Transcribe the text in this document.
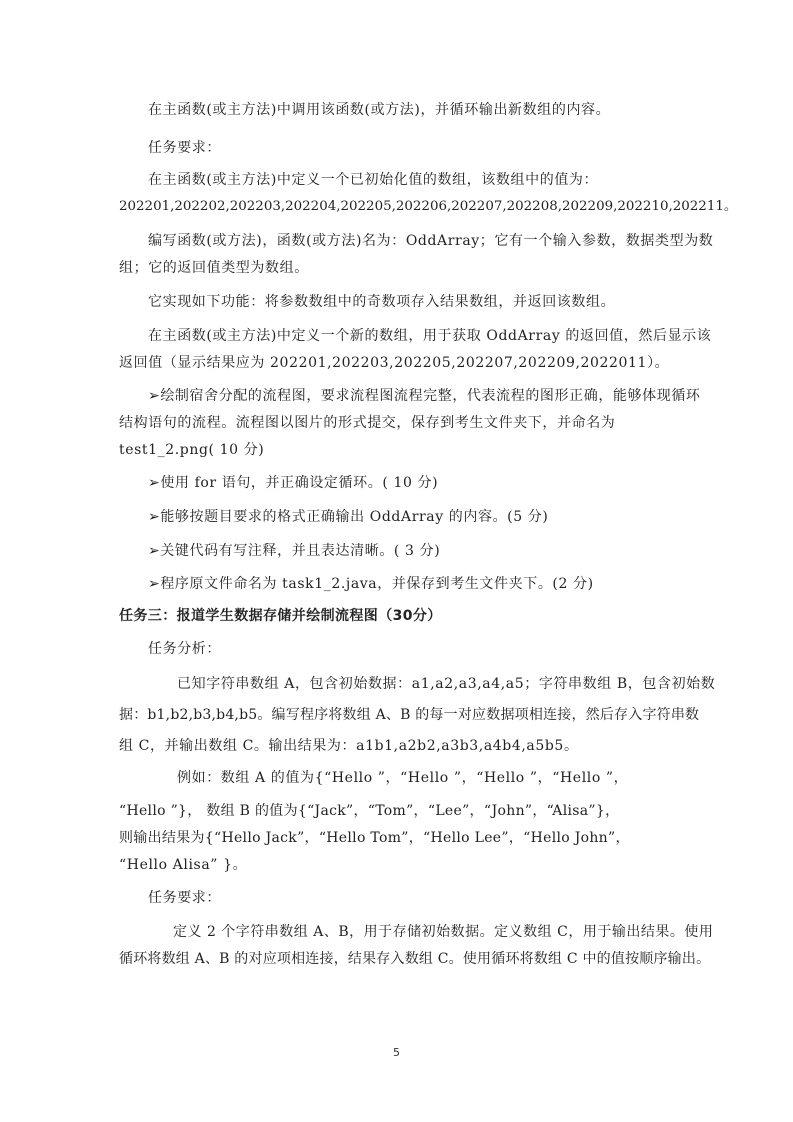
在主函数(或主方法)中调用该函数(或方法)，并循环输出新数组的内容。
任务要求：
在主函数(或主方法)中定义一个已初始化值的数组，该数组中的值为：
202201,202202,202203,202204,202205,202206,202207,202208,202209,202210,202211。
编写函数(或方法)，函数(或方法)名为：OddArray；它有一个输入参数，数据类型为数
组；它的返回值类型为数组。
它实现如下功能：将参数数组中的奇数项存入结果数组，并返回该数组。
在主函数(或主方法)中定义一个新的数组，用于获取 OddArray 的返回值，然后显示该
返回值（显示结果应为 202201,202203,202205,202207,202209,2022011）。
➢绘制宿舍分配的流程图，要求流程图流程完整，代表流程的图形正确，能够体现循环
结构语句的流程。流程图以图片的形式提交，保存到考生文件夹下，并命名为
test1_2.png( 10 分)
➢使用 for 语句，并正确设定循环。( 10 分)
➢能够按题目要求的格式正确输出 OddArray 的内容。(5 分)
➢关键代码有写注释，并且表达清晰。( 3 分)
➢程序原文件命名为 task1_2.java，并保存到考生文件夹下。(2 分)
任务三：报道学生数据存储并绘制流程图（30分）
任务分析：
已知字符串数组 A，包含初始数据：a1,a2,a3,a4,a5；字符串数组 B，包含初始数
据：b1,b2,b3,b4,b5。编写程序将数组 A、B 的每一对应数据项相连接，然后存入字符串数
组 C，并输出数组 C。输出结果为：a1b1,a2b2,a3b3,a4b4,a5b5。
例如：数组 A 的值为{“Hello ”，“Hello ”，“Hello ”，“Hello ”，
“Hello ”}， 数组 B 的值为{“Jack”，“Tom”，“Lee”，“John”，“Alisa”}，
则输出结果为{“Hello Jack”，“Hello Tom”，“Hello Lee”，“Hello John”，
“Hello Alisa” }。
任务要求：
定义 2 个字符串数组 A、B，用于存储初始数据。定义数组 C，用于输出结果。使用
循环将数组 A、B 的对应项相连接，结果存入数组 C。使用循环将数组 C 中的值按顺序输出。
5
